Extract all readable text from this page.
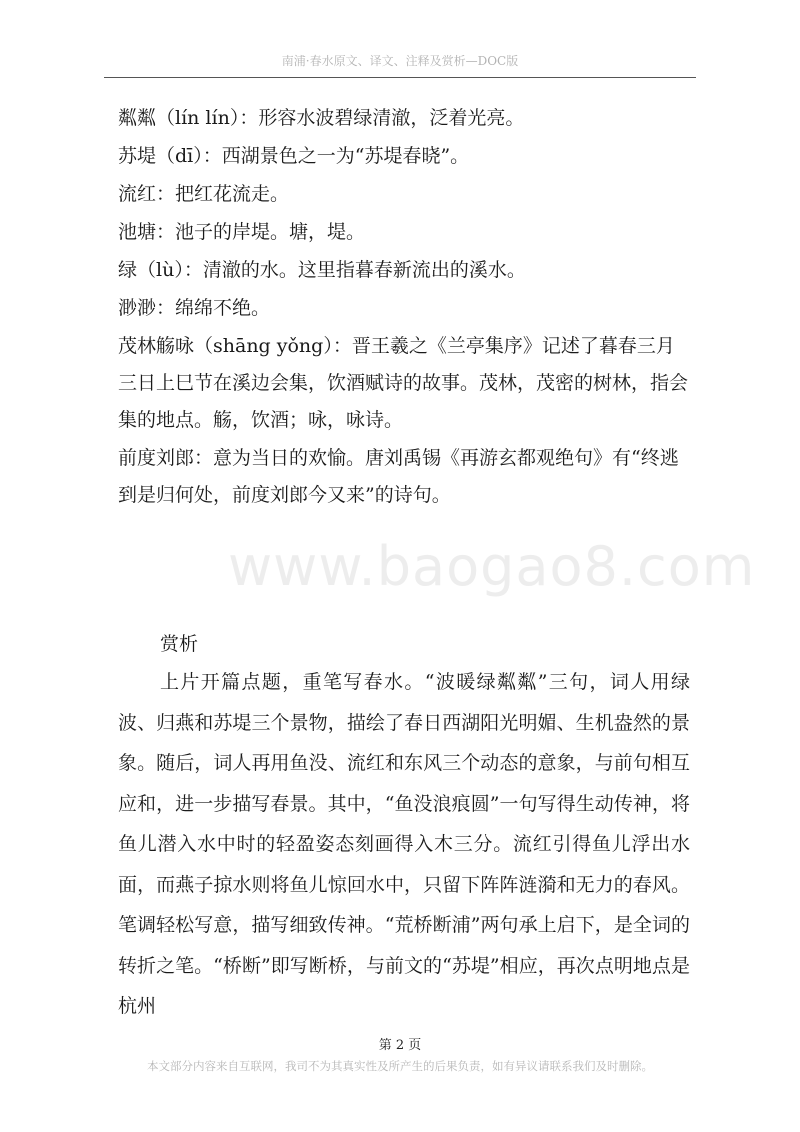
南浦·春水原文、译文、注释及赏析—DOC版

粼粼（lín lín）：形容水波碧绿清澈，泛着光亮。

苏堤（dī）：西湖景色之一为“苏堤春晓”。

流红：把红花流走。

池塘：池子的岸堤。塘，堤。

绿（lù）：清澈的水。这里指暮春新流出的溪水。

渺渺：绵绵不绝。

茂林觞咏（shāng yǒng）：晋王羲之《兰亭集序》记述了暮春三月三日上巳节在溪边会集，饮酒赋诗的故事。茂林，茂密的树林，指会集的地点。觞，饮酒；咏，咏诗。

前度刘郎：意为当日的欢愉。唐刘禹锡《再游玄都观绝句》有“终逃到是归何处，前度刘郎今又来”的诗句。

www.baogao8.com
赏析
上片开篇点题，重笔写春水。“波暖绿粼粼”三句，词人用绿波、归燕和苏堤三个景物，描绘了春日西湖阳光明媚、生机盎然的景象。随后，词人再用鱼没、流红和东风三个动态的意象，与前句相互应和，进一步描写春景。其中，“鱼没浪痕圆”一句写得生动传神，将鱼儿潜入水中时的轻盈姿态刻画得入木三分。流红引得鱼儿浮出水面，而燕子掠水则将鱼儿惊回水中，只留下阵阵涟漪和无力的春风。笔调轻松写意，描写细致传神。“荒桥断浦”两句承上启下，是全词的转折之笔。“桥断”即写断桥，与前文的“苏堤”相应，再次点明地点是杭州
第 2 页
本文部分内容来自互联网，我司不为其真实性及所产生的后果负责，如有异议请联系我们及时删除。
